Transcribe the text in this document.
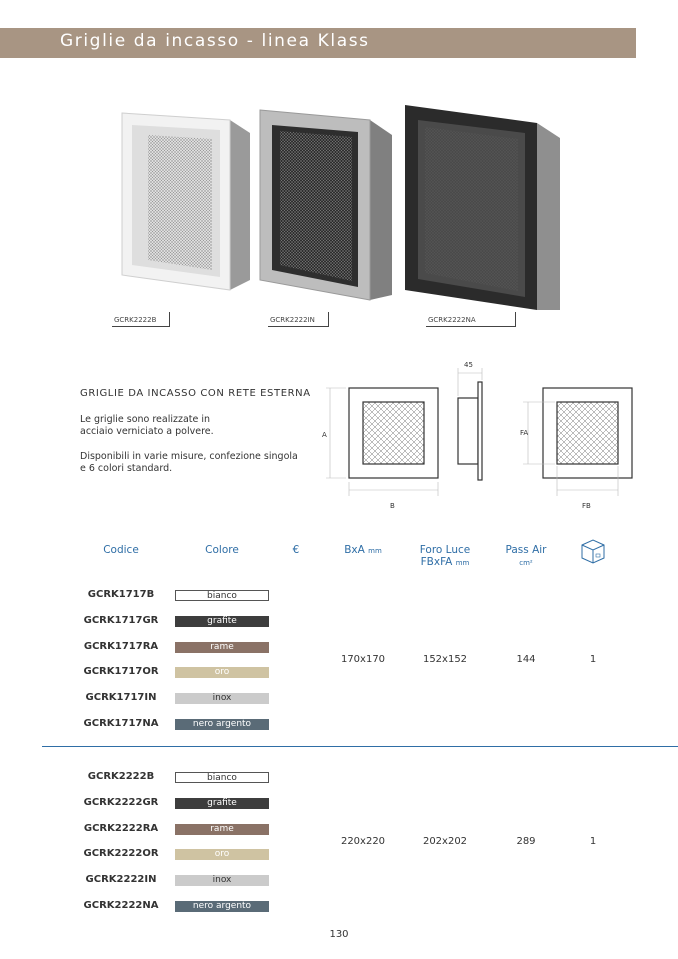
Griglie da incasso - linea Klass
GCRK2222B	GCRK2222IN	GCRK2222NA
GRIGLIE DA INCASSO CON RETE ESTERNA
Le griglie sono realizzate in
acciaio verniciato a polvere.
Disponibili in varie misure, confezione singola
e 6 colori standard.
A
B
45
FA
FB
Codice	Colore	€	BxA mm	Foro Luce
FBxFA mm
Pass Air
cm²
GCRK1717B	bianco
GCRK1717GR	grafite
GCRK1717RA	rame
GCRK1717OR	oro
GCRK1717IN	inox
GCRK1717NA	nero argento
170x170	152x152	144	1
GCRK2222B	bianco
GCRK2222GR	grafite
GCRK2222RA	rame
GCRK2222OR	oro
GCRK2222IN	inox
GCRK2222NA	nero argento
220x220	202x202	289	1
130
